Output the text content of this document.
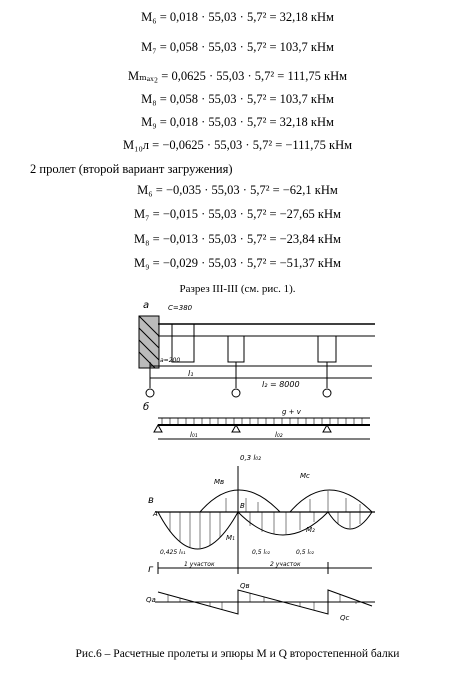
M₆ = 0,018 · 55,03 · 5,7² = 32,18 кНм
M₇ = 0,058 · 55,03 · 5,7² = 103,7 кНм
Mₘₐₓ₂ = 0,0625 · 55,03 · 5,7² = 111,75 кНм
M₈ = 0,058 · 55,03 · 5,7² = 103,7 кНм
M₉ = 0,018 · 55,03 · 5,7² = 32,18 кНм
M₁₀л = −0,0625 · 55,03 · 5,7² = −111,75 кНм
2 пролет (второй вариант загружения)
M₆ = −0,035 · 55,03 · 5,7² = −62,1 кНм
M₇ = −0,015 · 55,03 · 5,7² = −27,65 кНм
M₈ = −0,013 · 55,03 · 5,7² = −23,84 кНм
M₉ = −0,029 · 55,03 · 5,7² = −51,37 кНм
Разрез III-III (см. рис. 1).
а	C=380
a=200
l₁
l₂ = 8000
б	g + v
l₀₁	l₀₂
в
A
B
Mв
Mc
M₁
M₂
0,3 l₀₂
0,425 l₀₁	0,5 l₀₂	0,5 l₀₂
г	1 участок	2 участок
Qа
Qв
Qc
Рис.6 – Расчетные пролеты и эпюры M и Q второстепенной балки
